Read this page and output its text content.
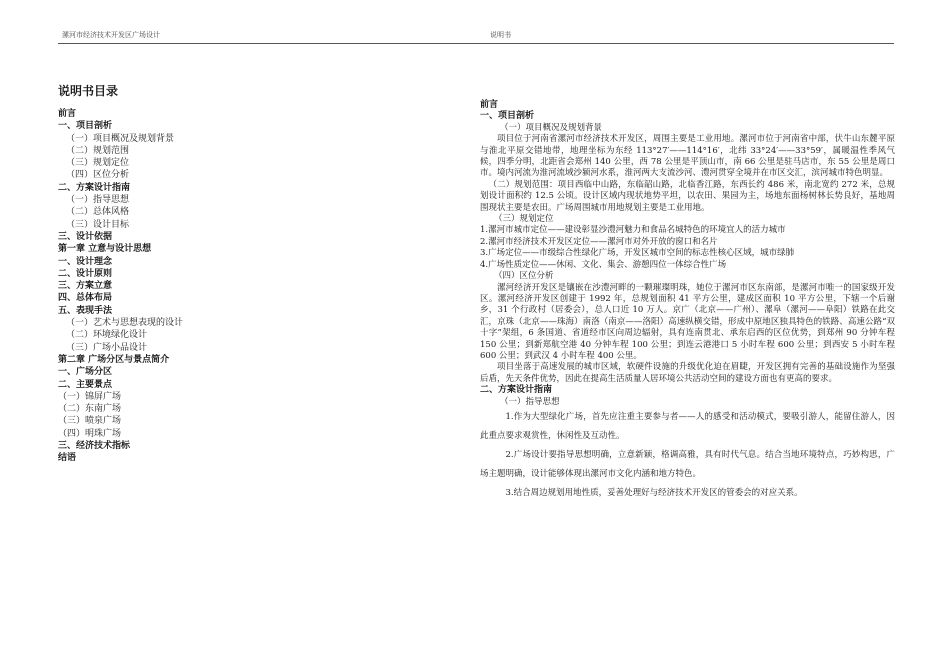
漯河市经济技术开发区广场设计	说明书
说明书目录
前言
一、项目剖析
（一）项目概况及规划背景
（二）规划范围
（三）规划定位
（四）区位分析
二、方案设计指南
（一）指导思想
（二）总体风格
（三）设计目标
三、设计依据
第一章 立意与设计思想
一、设计理念
二、设计原则
三、方案立意
四、总体布局
五、表现手法
（一）艺术与思想表现的设计
（二）环境绿化设计
（三）广场小品设计
第二章 广场分区与景点简介
一、广场分区
二、主要景点
（一）锦屏广场
（二）东南广场
（三）喷泉广场
（四）明珠广场
三、经济技术指标
结语
前言
一、项目剖析
（一）项目概况及规划背景
项目位于河南省漯河市经济技术开发区，周围主要是工业用地。漯河市位于河南省中部，伏牛山东麓平原与淮北平原交错地带，地理坐标为东经 113°27′——114°16′，北纬 33°24′——33°59′，属暖温性季风气候，四季分明，北距省会郑州 140 公里，西 78 公里是平顶山市，南 66 公里是驻马店市，东 55 公里是周口市。境内河流为淮河流域沙颍河水系，淮河两大支流沙河、澧河贯穿全境并在市区交汇，滨河城市特色明显。
（二）规划范围：项目西临中山路，东临韶山路，北临香江路，东西长约 486 米，南北宽约 272 米，总规划设计面积约 12.5 公顷。设计区域内现状地势平坦，以农田、果园为主，场地东面杨树林长势良好，基地周围现状主要是农田。广场周围城市用地规划主要是工业用地。
（三）规划定位
1.漯河市城市定位——建设彰显沙澧河魅力和食品名城特色的环境宜人的活力城市
2.漯河市经济技术开发区定位——漯河市对外开放的窗口和名片
3.广场定位——市级综合性绿化广场，开发区城市空间的标志性核心区域，城市绿肺
4.广场性质定位——休闲、文化、集会、游憩四位一体综合性广场
（四）区位分析
漯河经济开发区是镶嵌在沙澧河畔的一颗璀璨明珠，她位于漯河市区东南部，是漯河市唯一的国家级开发区。漯河经济开发区创建于 1992 年，总规划面积 41 平方公里，建成区面积 10 平方公里，下辖一个后谢乡，31 个行政村（居委会），总人口近 10 万人。京广（北京——广州）、漯阜（漯河——阜阳）铁路在此交汇，京珠（北京——珠海）南洛（南京——洛阳）高速纵横交错，形成中原地区独具特色的铁路、高速公路“双十字”架组，6 条国道、省道经市区向周边辐射，具有连南贯北、承东启西的区位优势，到郑州 90 分钟车程 150 公里；到新郑航空港 40 分钟车程 100 公里；到连云港港口 5 小时车程 600 公里；到西安 5 小时车程 600 公里；到武汉 4 小时车程 400 公里。
项目坐落于高速发展的城市区域，软硬件设施的升级优化迫在眉睫，开发区拥有完善的基础设施作为坚强后盾，先天条件优势，因此在提高生活质量人居环境公共活动空间的建设方面也有更高的要求。
二、方案设计指南
（一）指导思想
1.作为大型绿化广场，首先应注重主要参与者——人的感受和活动模式，要吸引游人，能留住游人，因此重点要求观赏性，休闲性及互动性。
2.广场设计要指导思想明确，立意新颖，格调高雅，具有时代气息。结合当地环境特点，巧妙构思，广场主题明确，设计能够体现出漯河市文化内涵和地方特色。
3.结合周边规划用地性质，妥善处理好与经济技术开发区的管委会的对应关系。
